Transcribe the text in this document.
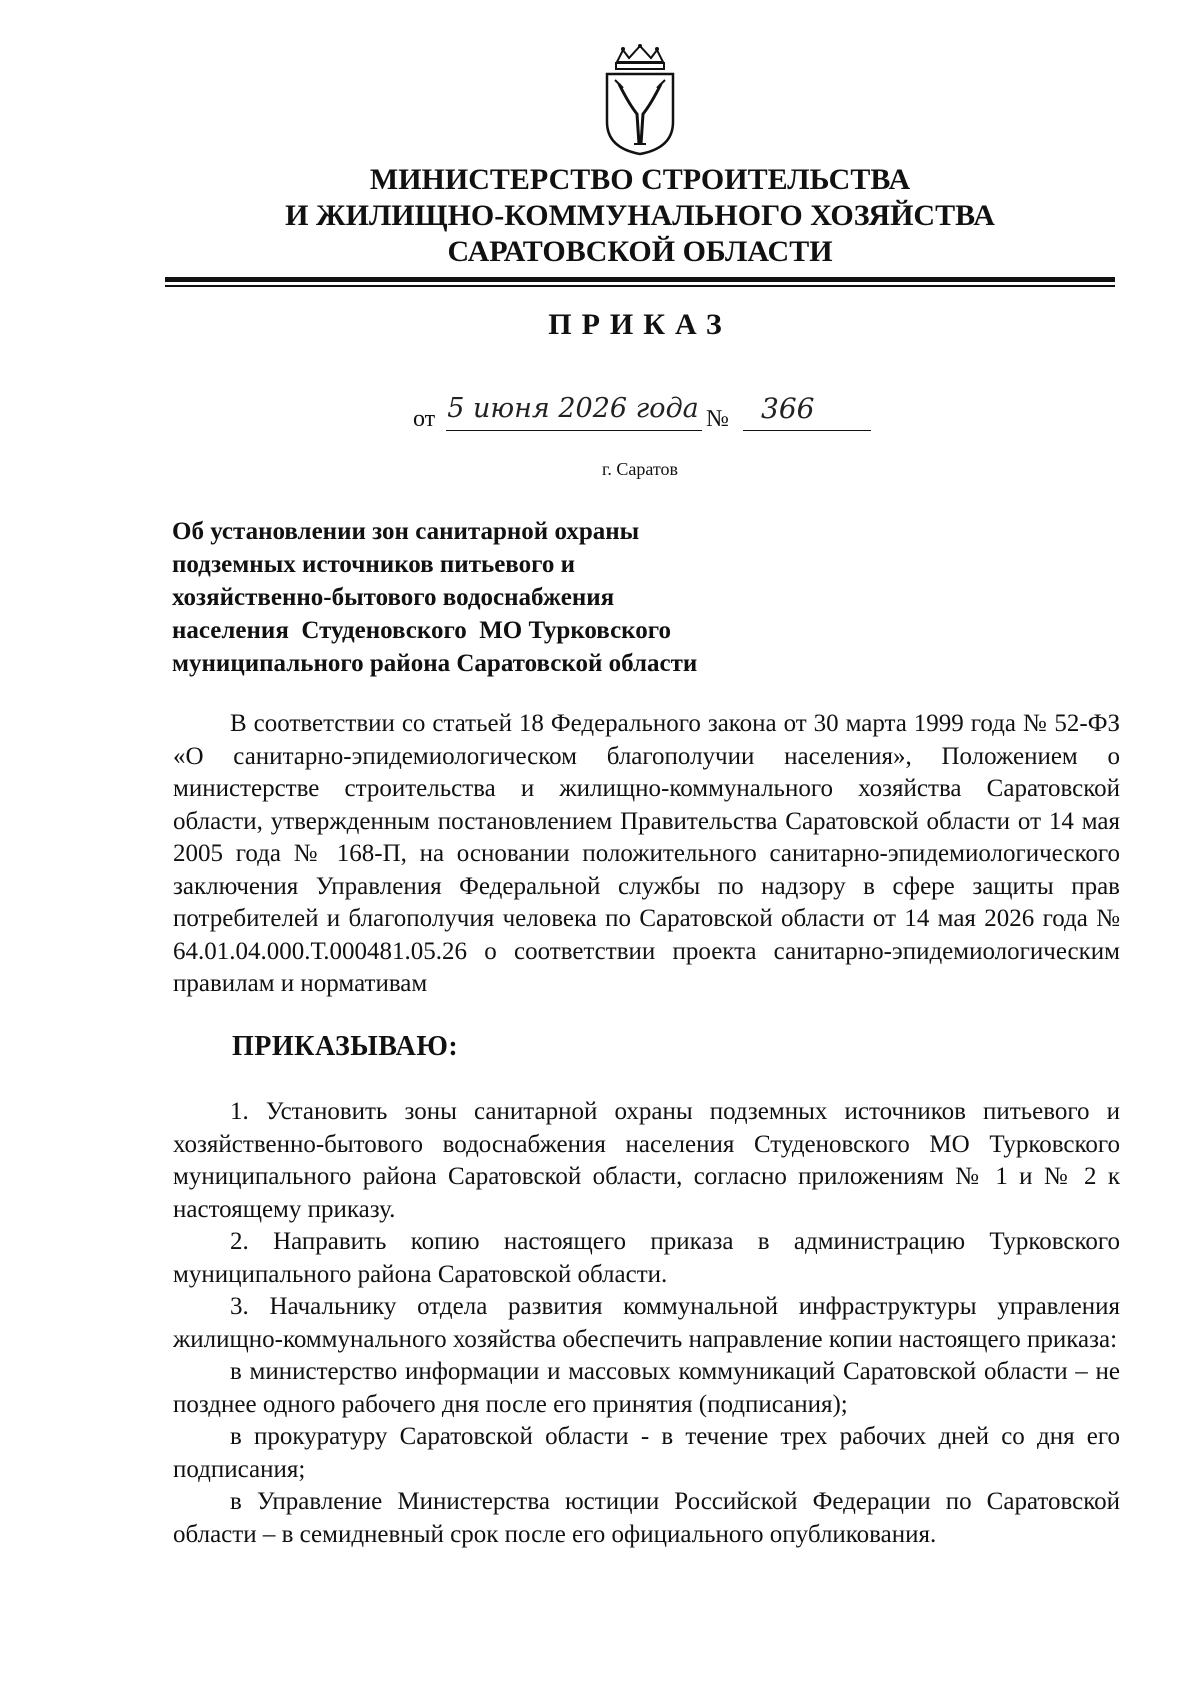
МИНИСТЕРСТВО СТРОИТЕЛЬСТВА
И ЖИЛИЩНО-КОММУНАЛЬНОГО ХОЗЯЙСТВА
САРАТОВСКОЙ ОБЛАСТИ
ПРИКАЗ
от 5 июня 2026 года №	366
г. Саратов
Об установлении зон санитарной охраны
подземных источников питьевого и
хозяйственно-бытового водоснабжения
населения  Студеновского  МО Турковского
муниципального района Саратовской области

В соответствии со статьей 18 Федерального закона от 30 марта 1999 года № 52-ФЗ «О санитарно-эпидемиологическом благополучии населения», Положением о министерстве строительства и жилищно-коммунального хозяйства Саратовской области, утвержденным постановлением Правительства Саратовской области от 14 мая 2005 года № 168-П, на основании положительного санитарно-эпидемиологического заключения Управления Федеральной службы по надзору в сфере защиты прав потребителей и благополучия человека по Саратовской области от 14 мая 2026 года № 64.01.04.000.Т.000481.05.26 о соответствии проекта санитарно-эпидемиологическим правилам и нормативам

ПРИКАЗЫВАЮ:

1. Установить зоны санитарной охраны подземных источников питьевого и хозяйственно-бытового водоснабжения населения Студеновского МО Турковского муниципального района Саратовской области, согласно приложениям № 1 и № 2 к настоящему приказу.

2. Направить копию настоящего приказа в администрацию Турковского муниципального района Саратовской области.

3. Начальнику отдела развития коммунальной инфраструктуры управления жилищно-коммунального хозяйства обеспечить направление копии настоящего приказа:

в министерство информации и массовых коммуникаций Саратовской области – не позднее одного рабочего дня после его принятия (подписания);

в прокуратуру Саратовской области - в течение трех рабочих дней со дня его подписания;

в Управление Министерства юстиции Российской Федерации по Саратовской области – в семидневный срок после его официального опубликования.
